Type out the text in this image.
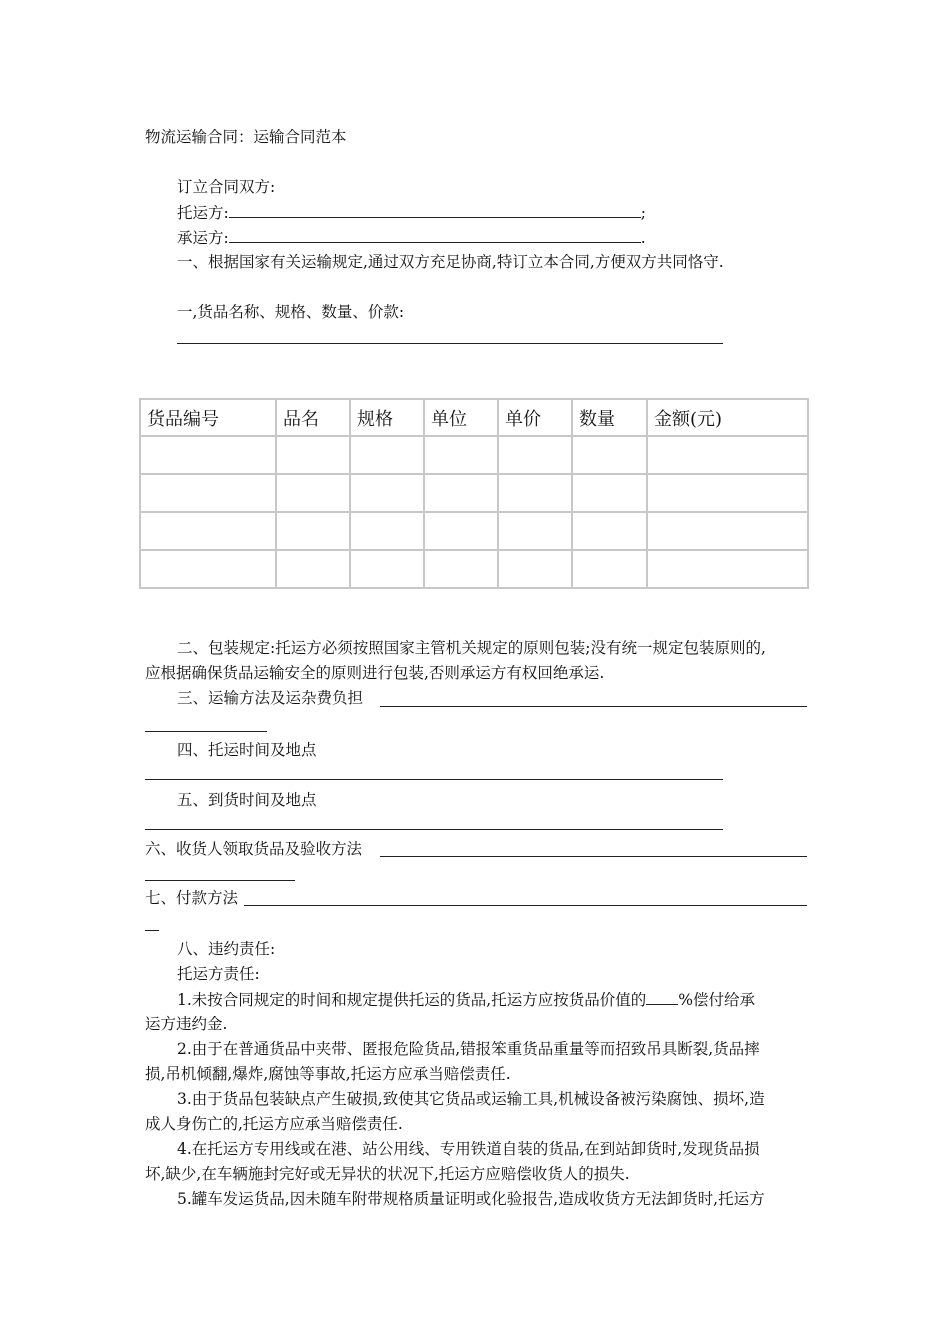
物流运输合同：运输合同范本

订立合同双方:

托运方:	;
承运方:	.

一、根据国家有关运输规定,通过双方充足协商,特订立本合同,方便双方共同恪守.

一,货品名称、规格、数量、价款:

货品编号	品名	规格	单位	单价	数量	金额(元)

二、包装规定:托运方必须按照国家主管机关规定的原则包装;没有统一规定包装原则的,

应根据确保货品运输安全的原则进行包装,否则承运方有权回绝承运.

三、运输方法及运杂费负担

四、托运时间及地点

五、到货时间及地点

六、收货人领取货品及验收方法

七、付款方法

八、违约责任:

托运方责任:

1.未按合同规定的时间和规定提供托运的货品,托运方应按货品价值的 %偿付给承

运方违约金.

2.由于在普通货品中夹带、匿报危险货品,错报笨重货品重量等而招致吊具断裂,货品摔

损,吊机倾翻,爆炸,腐蚀等事故,托运方应承当赔偿责任.

3.由于货品包装缺点产生破损,致使其它货品或运输工具,机械设备被污染腐蚀、损坏,造

成人身伤亡的,托运方应承当赔偿责任.

4.在托运方专用线或在港、站公用线、专用铁道自装的货品,在到站卸货时,发现货品损

坏,缺少,在车辆施封完好或无异状的状况下,托运方应赔偿收货人的损失.

5.罐车发运货品,因未随车附带规格质量证明或化验报告,造成收货方无法卸货时,托运方
